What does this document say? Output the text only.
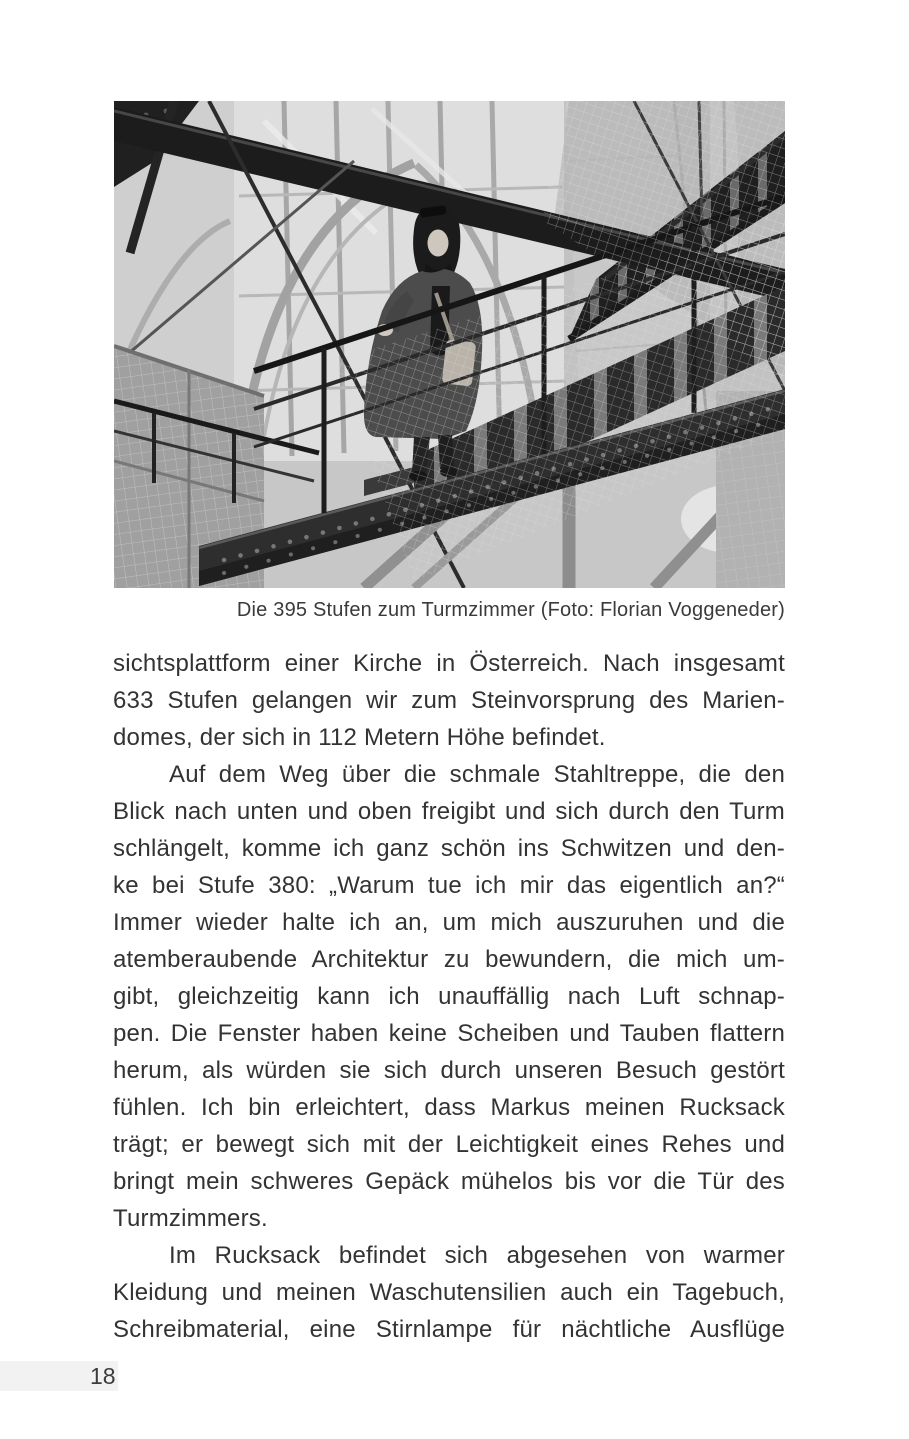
Die 395 Stufen zum Turmzimmer (Foto: Florian Voggeneder)
sichtsplattform einer Kirche in Österreich. Nach insgesamt
633 Stufen gelangen wir zum Steinvorsprung des Marien-
domes, der sich in 112 Metern Höhe befindet.
Auf dem Weg über die schmale Stahltreppe, die den
Blick nach unten und oben freigibt und sich durch den Turm
schlängelt, komme ich ganz schön ins Schwitzen und den-
ke bei Stufe 380: „Warum tue ich mir das eigentlich an?“
Immer wieder halte ich an, um mich auszuruhen und die
atemberaubende Architektur zu bewundern, die mich um-
gibt, gleichzeitig kann ich unauffällig nach Luft schnap-
pen. Die Fenster haben keine Scheiben und Tauben flattern
herum, als würden sie sich durch unseren Besuch gestört
fühlen. Ich bin erleichtert, dass Markus meinen Rucksack
trägt; er bewegt sich mit der Leichtigkeit eines Rehes und
bringt mein schweres Gepäck mühelos bis vor die Tür des
Turmzimmers.
Im Rucksack befindet sich abgesehen von warmer
Kleidung und meinen Waschutensilien auch ein Tagebuch,
Schreibmaterial, eine Stirnlampe für nächtliche Ausflüge
18
